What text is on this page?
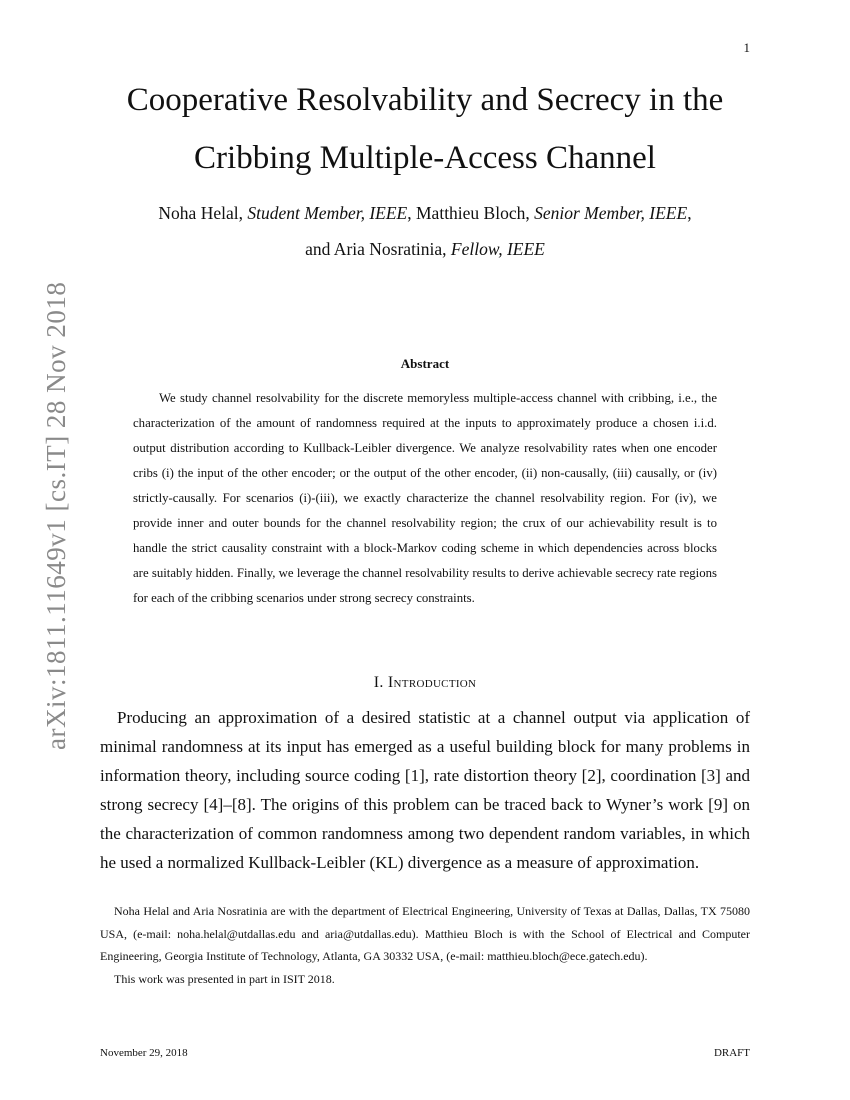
1
arXiv:1811.11649v1 [cs.IT] 28 Nov 2018
Cooperative Resolvability and Secrecy in the
Cribbing Multiple-Access Channel
Noha Helal, Student Member, IEEE, Matthieu Bloch, Senior Member, IEEE,
and Aria Nosratinia, Fellow, IEEE
Abstract

We study channel resolvability for the discrete memoryless multiple-access channel with cribbing, i.e., the characterization of the amount of randomness required at the inputs to approximately produce a chosen i.i.d. output distribution according to Kullback-Leibler divergence. We analyze resolvability rates when one encoder cribs (i) the input of the other encoder; or the output of the other encoder, (ii) non-causally, (iii) causally, or (iv) strictly-causally. For scenarios (i)-(iii), we exactly characterize the channel resolvability region. For (iv), we provide inner and outer bounds for the channel resolvability region; the crux of our achievability result is to handle the strict causality constraint with a block-Markov coding scheme in which dependencies across blocks are suitably hidden. Finally, we leverage the channel resolvability results to derive achievable secrecy rate regions for each of the cribbing scenarios under strong secrecy constraints.

I. Introduction

Producing an approximation of a desired statistic at a channel output via application of minimal randomness at its input has emerged as a useful building block for many problems in information theory, including source coding [1], rate distortion theory [2], coordination [3] and strong secrecy [4]–[8]. The origins of this problem can be traced back to Wyner’s work [9] on the characterization of common randomness among two dependent random variables, in which he used a normalized Kullback-Leibler (KL) divergence as a measure of approximation.

Noha Helal and Aria Nosratinia are with the department of Electrical Engineering, University of Texas at Dallas, Dallas, TX 75080 USA, (e-mail: noha.helal@utdallas.edu and aria@utdallas.edu). Matthieu Bloch is with the School of Electrical and Computer Engineering, Georgia Institute of Technology, Atlanta, GA 30332 USA, (e-mail: matthieu.bloch@ece.gatech.edu).

This work was presented in part in ISIT 2018.

November 29, 2018	DRAFT
